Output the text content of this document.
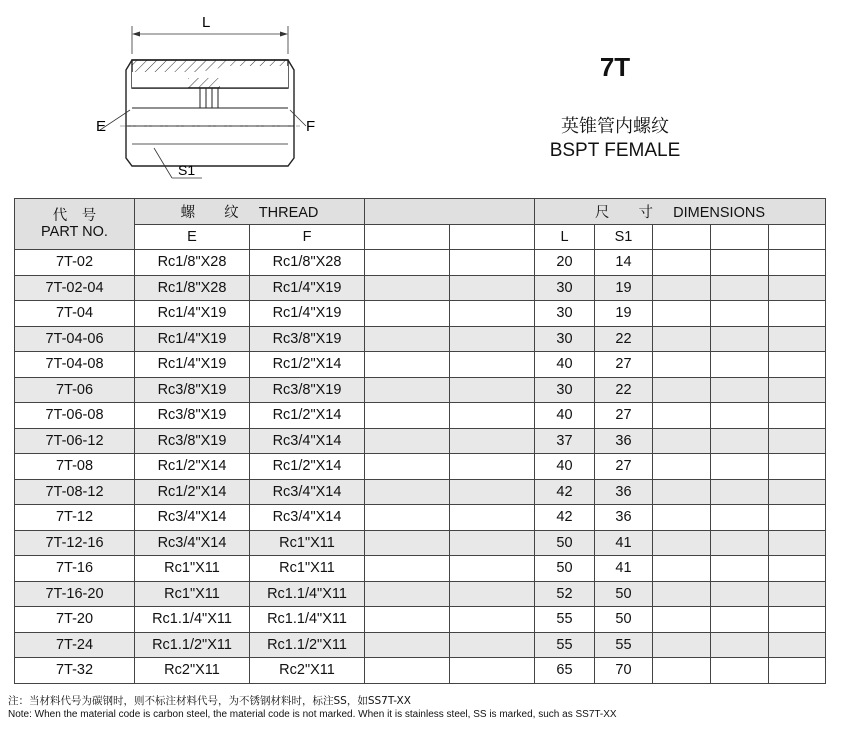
L
E	F
S1
7T
英锥管内螺纹
BSPT FEMALE
代　号
PART NO.	螺　　纹 THREAD				尺　　寸 DIMENSIONS				
	E	F			L	S1			
7T-02	Rc1/8"X28	Rc1/8"X28			20	14			
7T-02-04	Rc1/8"X28	Rc1/4"X19			30	19			
7T-04	Rc1/4"X19	Rc1/4"X19			30	19			
7T-04-06	Rc1/4"X19	Rc3/8"X19			30	22			
7T-04-08	Rc1/4"X19	Rc1/2"X14			40	27			
7T-06	Rc3/8"X19	Rc3/8"X19			30	22			
7T-06-08	Rc3/8"X19	Rc1/2"X14			40	27			
7T-06-12	Rc3/8"X19	Rc3/4"X14			37	36			
7T-08	Rc1/2"X14	Rc1/2"X14			40	27			
7T-08-12	Rc1/2"X14	Rc3/4"X14			42	36			
7T-12	Rc3/4"X14	Rc3/4"X14			42	36			
7T-12-16	Rc3/4"X14	Rc1"X11			50	41			
7T-16	Rc1"X11	Rc1"X11			50	41			
7T-16-20	Rc1"X11	Rc1.1/4"X11			52	50			
7T-20	Rc1.1/4"X11	Rc1.1/4"X11			55	50			
7T-24	Rc1.1/2"X11	Rc1.1/2"X11			55	55			
7T-32	Rc2"X11	Rc2"X11			65	70			
注：当材料代号为碳钢时，则不标注材料代号，为不锈钢材料时，标注SS，如SS7T-XX
Note: When the material code is carbon steel, the material code is not marked. When it is stainless steel, SS is marked, such as SS7T-XX
